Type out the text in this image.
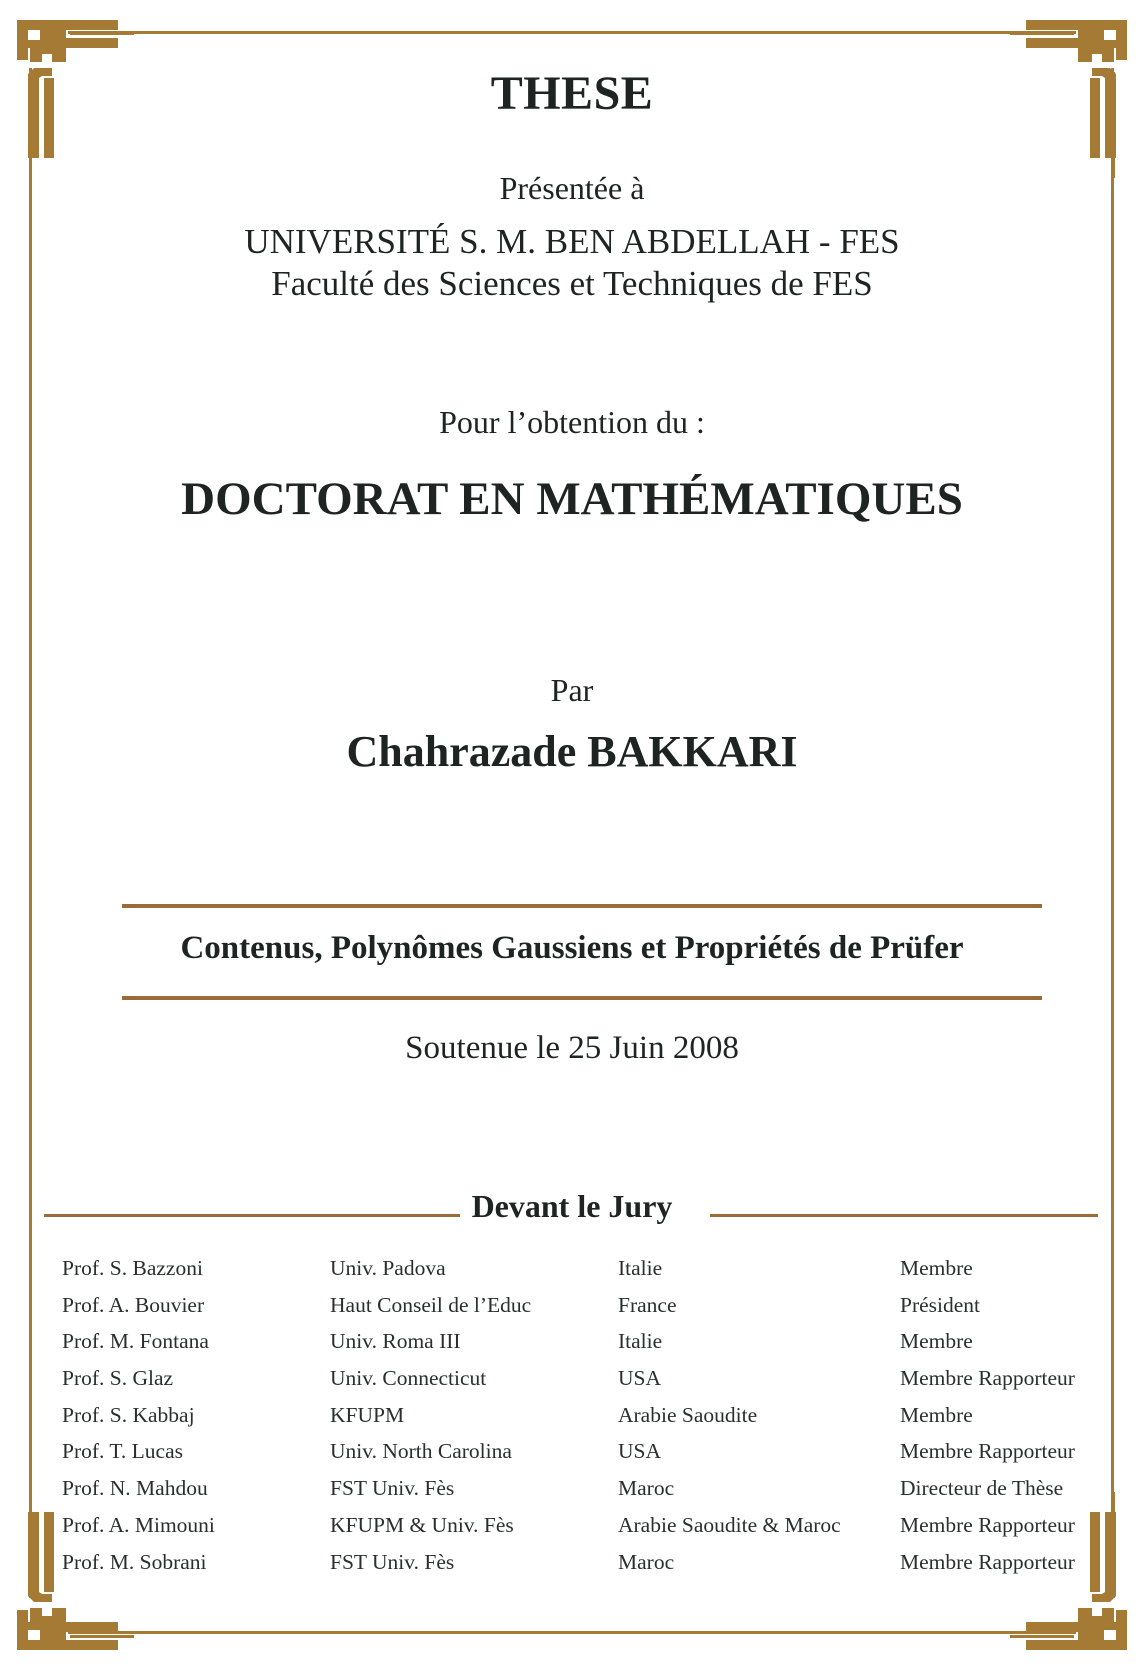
THESE
Présentée à
UNIVERSITÉ S. M. BEN ABDELLAH - FES
Faculté des Sciences et Techniques de FES
Pour l’obtention du :
DOCTORAT EN MATHÉMATIQUES
Par
Chahrazade BAKKARI
Contenus, Polynômes Gaussiens et Propriétés de Prüfer
Soutenue le 25 Juin 2008
Devant le Jury
Prof. S. Bazzoni	Univ. Padova	Italie	Membre
Prof. A. Bouvier	Haut Conseil de l’Educ	France	Président
Prof. M. Fontana	Univ. Roma III	Italie	Membre
Prof. S. Glaz	Univ. Connecticut	USA	Membre Rapporteur
Prof. S. Kabbaj	KFUPM	Arabie Saoudite	Membre
Prof. T. Lucas	Univ. North Carolina	USA	Membre Rapporteur
Prof. N. Mahdou	FST Univ. Fès	Maroc	Directeur de Thèse
Prof. A. Mimouni	KFUPM & Univ. Fès	Arabie Saoudite & Maroc	Membre Rapporteur
Prof. M. Sobrani	FST Univ. Fès	Maroc	Membre Rapporteur
